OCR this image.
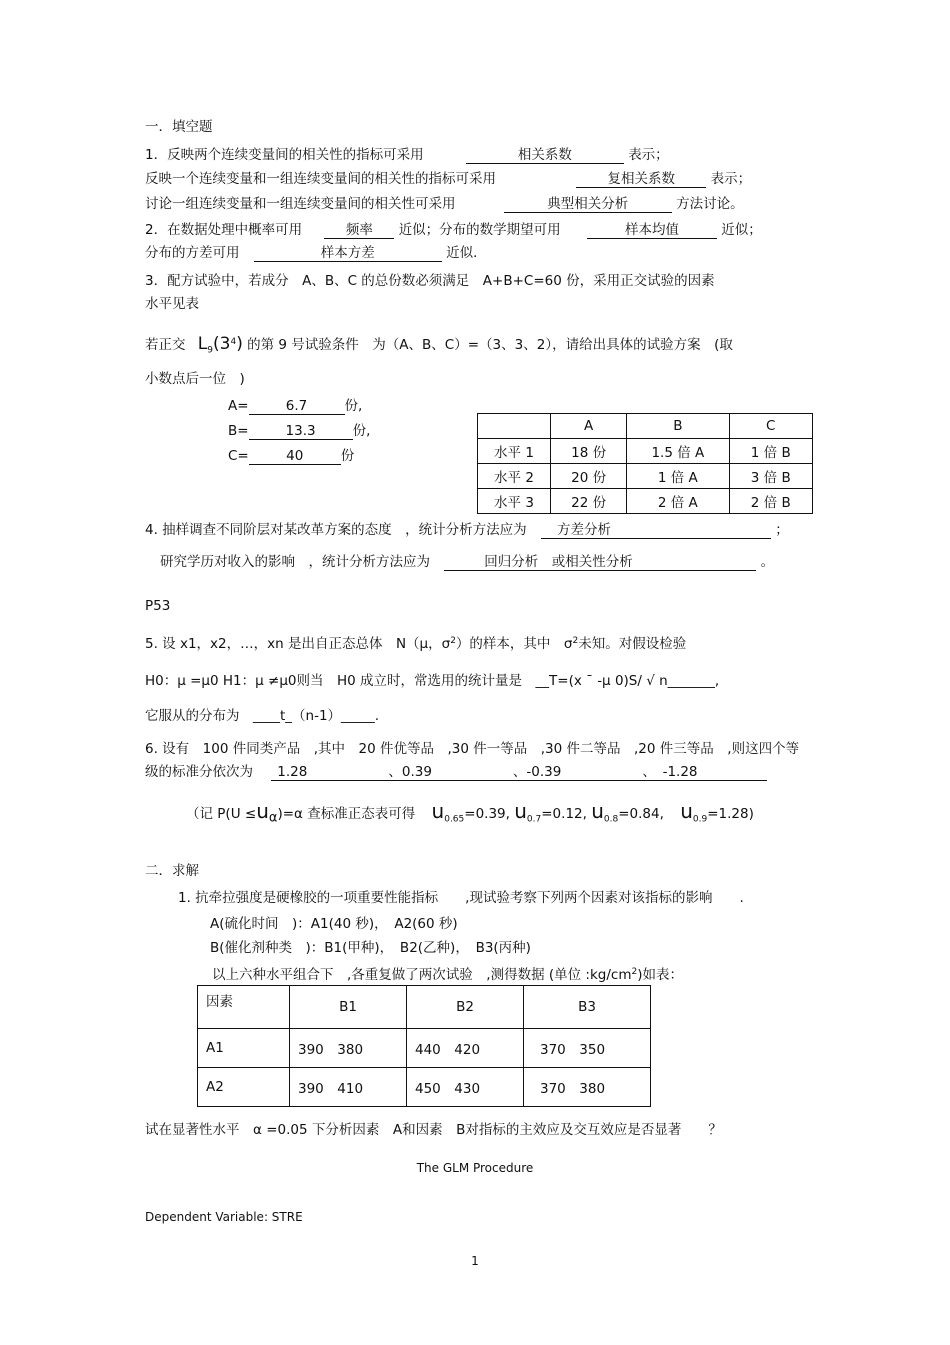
一．填空题
1．反映两个连续变量间的相关性的指标可采用	相关系数	表示；
反映一个连续变量和一组连续变量间的相关性的指标可采用	复相关系数	表示；
讨论一组连续变量和一组连续变量间的相关性可采用	典型相关分析	方法讨论。
2．在数据处理中概率可用	频率 近似；分布的数学期望可用	样本均值	近似；
分布的方差可用	样本方差	近似．
3．配方试验中，若成分　A、B、C 的总份数必须满足　A+B+C=60 份，采用正交试验的因素
水平见表
若正交 $L_9(3^4)$ 的第 9 号试验条件　为（A、B、C）=（3、3、2），请给出具体的试验方案　(取
小数点后一位　)
A=	6.7	份,
B=	13.3	份,
C=	40	份
	A	B	C
水平 1	18 份	1.5 倍 A	1 倍 B
水平 2	20 份	1 倍 A	3 倍 B
水平 3	22 份	2 倍 A	2 倍 B
4. 抽样调查不同阶层对某改革方案的态度　，统计分析方法应为 方差分析	；
研究学历对收入的影响　，统计分析方法应为	回归分析　或相关性分析	。
P53
5. 设 x1，x2，…，xn 是出自正态总体　N（μ，$\sigma^2$）的样本，其中　$\sigma^2$未知。对假设检验
H0：μ =μ0 H1：μ ≠μ0则当　H0 成立时，常选用的统计量是　__T=(x ¯ -μ 0)S/ √ n_______,
它服从的分布为　____t_（n-1）_____.
6. 设有　100 件同类产品　,其中　20 件优等品　,30 件一等品　,30 件二等品　,20 件三等品　,则这四个等
级的标准分依次为 1.28　　　　　　、0.39　　　　　　、-0.39　　　　　　、　-1.28
（记 $P(U \le u_\alpha)=\alpha$ 查标准正态表可得 $u_{0.65}=0.39$, $u_{0.7}=0.12$, $u_{0.8}=0.84$, $u_{0.9}=1.28$)
二．求解
1. 抗牵拉强度是硬橡胶的一项重要性能指标　　,现试验考察下列两个因素对该指标的影响　　.
A(硫化时间　)：A1(40 秒)，　A2(60 秒)
B(催化剂种类　)：B1(甲种)，　B2(乙种)，　B3(丙种)
以上六种水平组合下　,各重复做了两次试验　,测得数据 (单位 $:kg/cm^2$)如表：
因素	B1	B2	B3
A1	390　380	440　420	370　350
A2	390　410	450　430	370　380
试在显著性水平　α =0.05 下分析因素　A和因素　B对指标的主效应及交互效应是否显著　　？
The GLM Procedure
Dependent Variable: STRE
1
